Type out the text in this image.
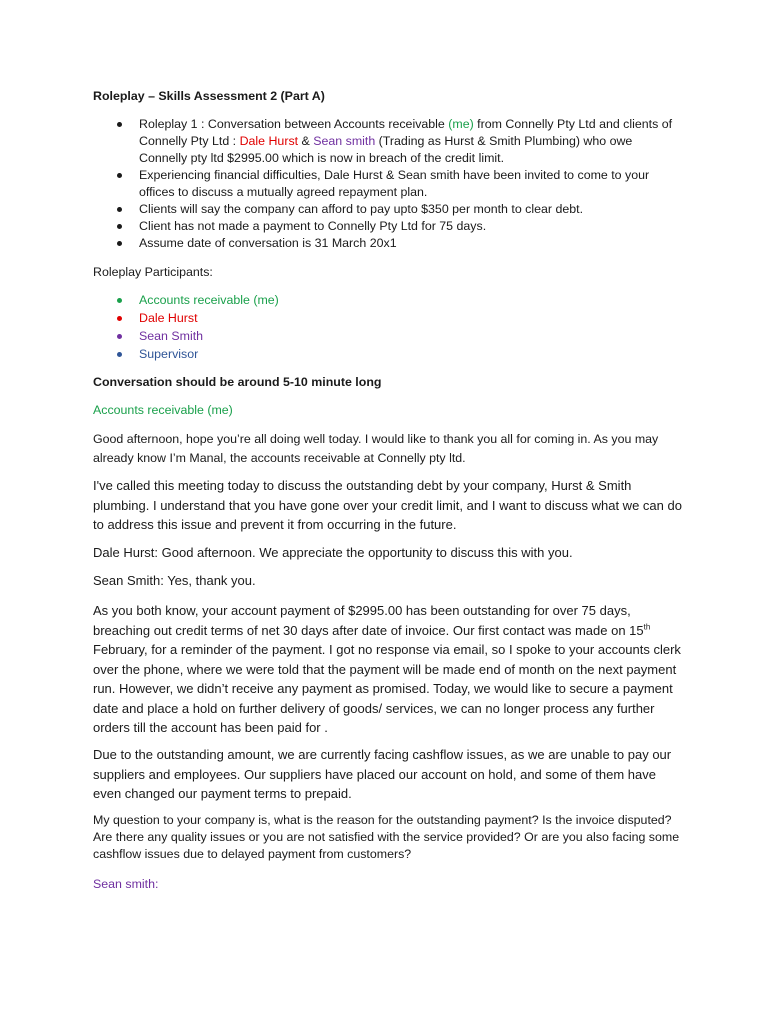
Roleplay – Skills Assessment 2 (Part A)

Roleplay 1 : Conversation between Accounts receivable (me) from Connelly Pty Ltd and clients of Connelly Pty Ltd : Dale Hurst & Sean smith (Trading as Hurst & Smith Plumbing) who owe Connelly pty ltd $2995.00 which is now in breach of the credit limit.
Experiencing financial difficulties, Dale Hurst & Sean smith have been invited to come to your offices to discuss a mutually agreed repayment plan.
Clients will say the company can afford to pay upto $350 per month to clear debt.
Client has not made a payment to Connelly Pty Ltd for 75 days.
Assume date of conversation is 31 March 20x1

Roleplay Participants:

Accounts receivable (me)
Dale Hurst
Sean Smith
Supervisor

Conversation should be around 5-10 minute long

Accounts receivable (me)

Good afternoon, hope you’re all doing well today. I would like to thank you all for coming in. As you may already know I’m Manal, the accounts receivable at Connelly pty ltd.

I've called this meeting today to discuss the outstanding debt by your company, Hurst & Smith plumbing. I understand that you have gone over your credit limit, and I want to discuss what we can do to address this issue and prevent it from occurring in the future.

Dale Hurst: Good afternoon. We appreciate the opportunity to discuss this with you.

Sean Smith: Yes, thank you.

As you both know, your account payment of $2995.00 has been outstanding for over 75 days, breaching out credit terms of net 30 days after date of invoice. Our first contact was made on 15th February, for a reminder of the payment. I got no response via email, so I spoke to your accounts clerk over the phone, where we were told that the payment will be made end of month on the next payment run. However, we didn’t receive any payment as promised. Today, we would like to secure a payment date and place a hold on further delivery of goods/ services, we can no longer process any further orders till the account has been paid for .

Due to the outstanding amount, we are currently facing cashflow issues, as we are unable to pay our suppliers and employees. Our suppliers have placed our account on hold, and some of them have even changed our payment terms to prepaid.

My question to your company is, what is the reason for the outstanding payment? Is the invoice disputed? Are there any quality issues or you are not satisfied with the service provided? Or are you also facing some cashflow issues due to delayed payment from customers?

Sean smith:
